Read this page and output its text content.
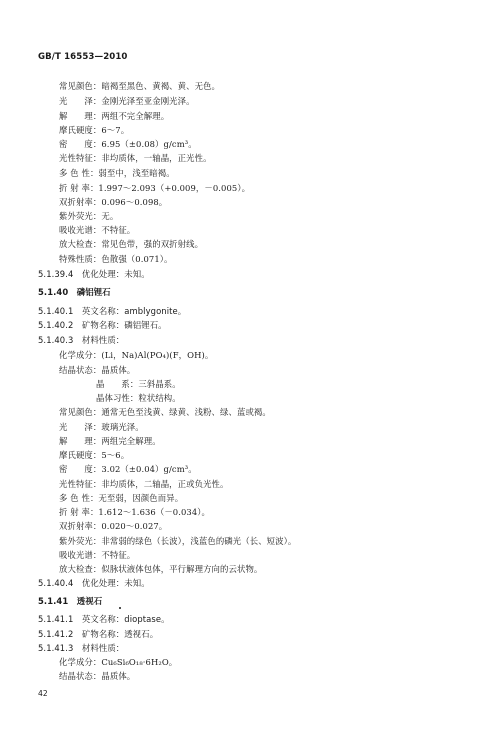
GB/T 16553—2010
常见颜色：暗褐至黑色、黄褐、黄、无色。
光　　泽：金刚光泽至亚金刚光泽。
解　　理：两组不完全解理。
摩氏硬度：6～7。
密　　度：6.95（±0.08）g/cm³。
光性特征：非均质体，一轴晶，正光性。
多 色 性：弱至中，浅至暗褐。
折 射 率：1.997～2.093（+0.009，－0.005）。
双折射率：0.096～0.098。
紫外荧光：无。
吸收光谱：不特征。
放大检查：常见色带，强的双折射线。
特殊性质：色散强（0.071）。
5.1.39.4　优化处理：未知。
5.1.40　磷铝锂石
5.1.40.1　英文名称：amblygonite。
5.1.40.2　矿物名称：磷铝锂石。
5.1.40.3　材料性质：
化学成分：(Li，Na)Al(PO₄)(F，OH)。
结晶状态：晶质体。
晶　　系：三斜晶系。
晶体习性：粒状结构。
常见颜色：通常无色至浅黄、绿黄、浅粉、绿、蓝或褐。
光　　泽：玻璃光泽。
解　　理：两组完全解理。
摩氏硬度：5～6。
密　　度：3.02（±0.04）g/cm³。
光性特征：非均质体，二轴晶，正或负光性。
多 色 性：无至弱，因颜色而异。
折 射 率：1.612～1.636（－0.034）。
双折射率：0.020～0.027。
紫外荧光：非常弱的绿色（长波），浅蓝色的磷光（长、短波）。
吸收光谱：不特征。
放大检查：似脉状液体包体，平行解理方向的云状物。
5.1.40.4　优化处理：未知。
5.1.41　透视石
5.1.41.1　英文名称：dioptase。
5.1.41.2　矿物名称：透视石。
5.1.41.3　材料性质：
化学成分：Cu₆Si₆O₁₈·6H₂O。
结晶状态：晶质体。
42
